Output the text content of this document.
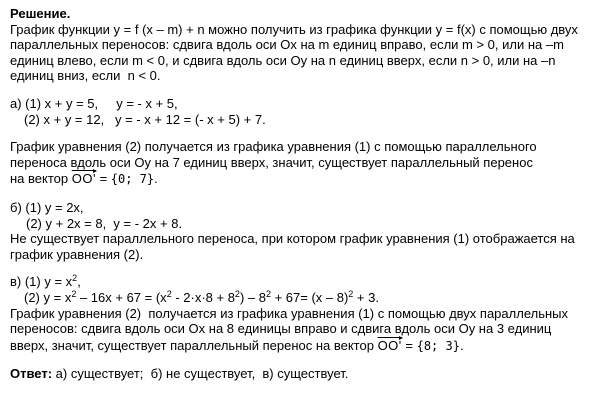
Решение.
График функции y = f (x – m) + n можно получить из графика функции y = f(x) с помощью двух
параллельных переносов: сдвига вдоль оси Ox на m единиц вправо, если m > 0, или на –m
единиц влево, если m < 0, и сдвига вдоль оси Oy на n единиц вверх, если n > 0, или на –n
единиц вниз, если  n < 0.
а) (1) x + y = 5,     y = - x + 5,
(2) x + y = 12,   y = - x + 12 = (- x + 5) + 7.
График уравнения (2) получается из графика уравнения (1) с помощью параллельного
переноса вдоль оси Oy на 7 единиц вверх, значит, существует параллельный перенос
на вектор OO' = {0; 7}.
б) (1) y = 2x,
(2) y + 2x = 8,  y = - 2x + 8.
Не существует параллельного переноса, при котором график уравнения (1) отображается на
график уравнения (2).
в) (1) $y = x^2$,
(2) $y = x^2 - 16x + 67 = (x^2 - 2\cdot x\cdot 8 + 8^2) - 8^2 + 67= (x - 8)^2 + 3$.
График уравнения (2)  получается из графика уравнения (1) с помощью двух параллельных
переносов: сдвига вдоль оси Ox на 8 единицы вправо и сдвига вдоль оси Oy на 3 единиц
вверх, значит, существует параллельный перенос на вектор OO' = {8; 3}.
Ответ: а) существует;  б) не существует,  в) существует.
